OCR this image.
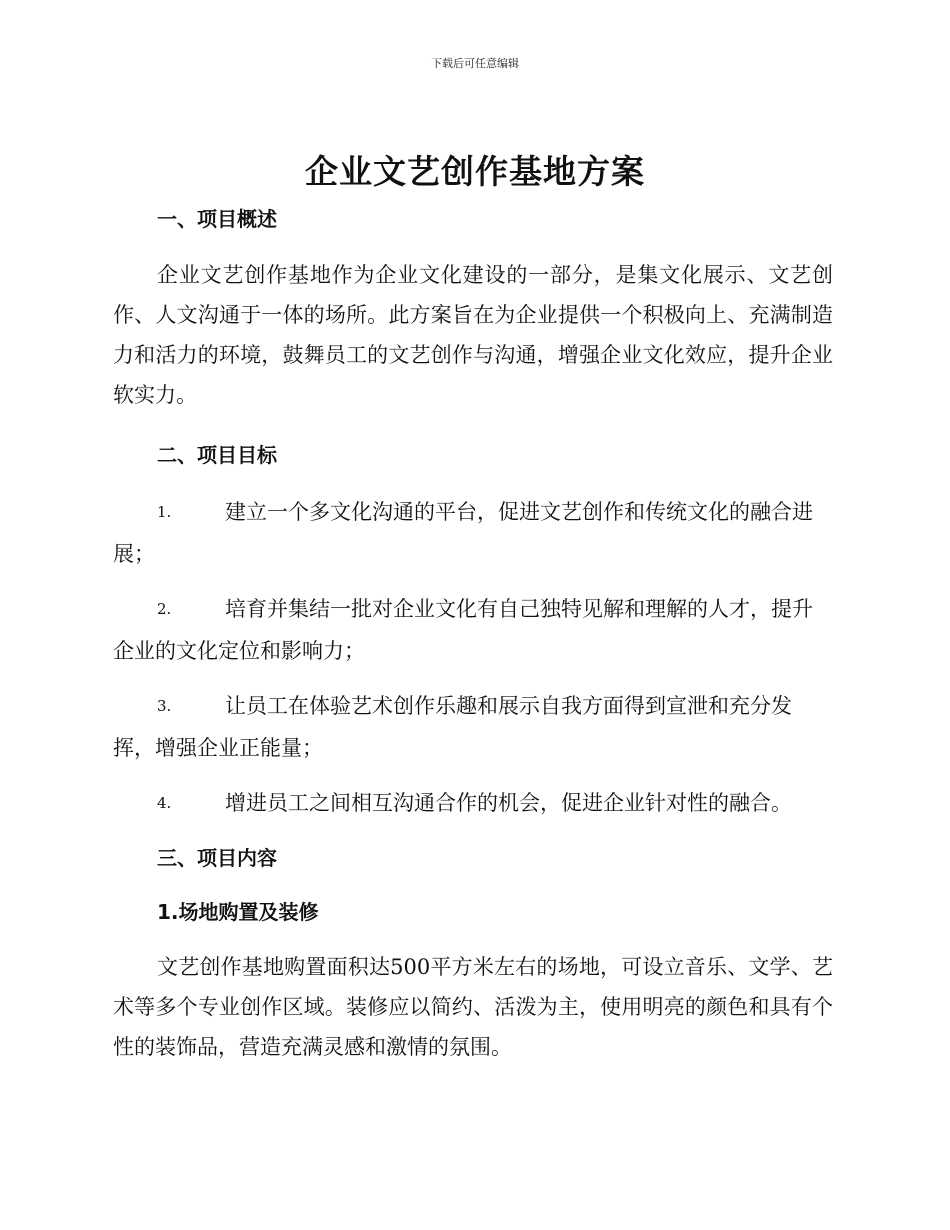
下载后可任意编辑
企业文艺创作基地方案
一、项目概述

企业文艺创作基地作为企业文化建设的一部分，是集文化展示、文艺创作、人文沟通于一体的场所。此方案旨在为企业提供一个积极向上、充满制造力和活力的环境，鼓舞员工的文艺创作与沟通，增强企业文化效应，提升企业软实力。

二、项目目标

1.	建立一个多文化沟通的平台，促进文艺创作和传统文化的融合进展；

2.	培育并集结一批对企业文化有自己独特见解和理解的人才，提升企业的文化定位和影响力；

3.	让员工在体验艺术创作乐趣和展示自我方面得到宣泄和充分发挥，增强企业正能量；

4.	增进员工之间相互沟通合作的机会，促进企业针对性的融合。

三、项目内容
1.场地购置及装修

文艺创作基地购置面积达500平方米左右的场地，可设立音乐、文学、艺术等多个专业创作区域。装修应以简约、活泼为主，使用明亮的颜色和具有个性的装饰品，营造充满灵感和激情的氛围。
